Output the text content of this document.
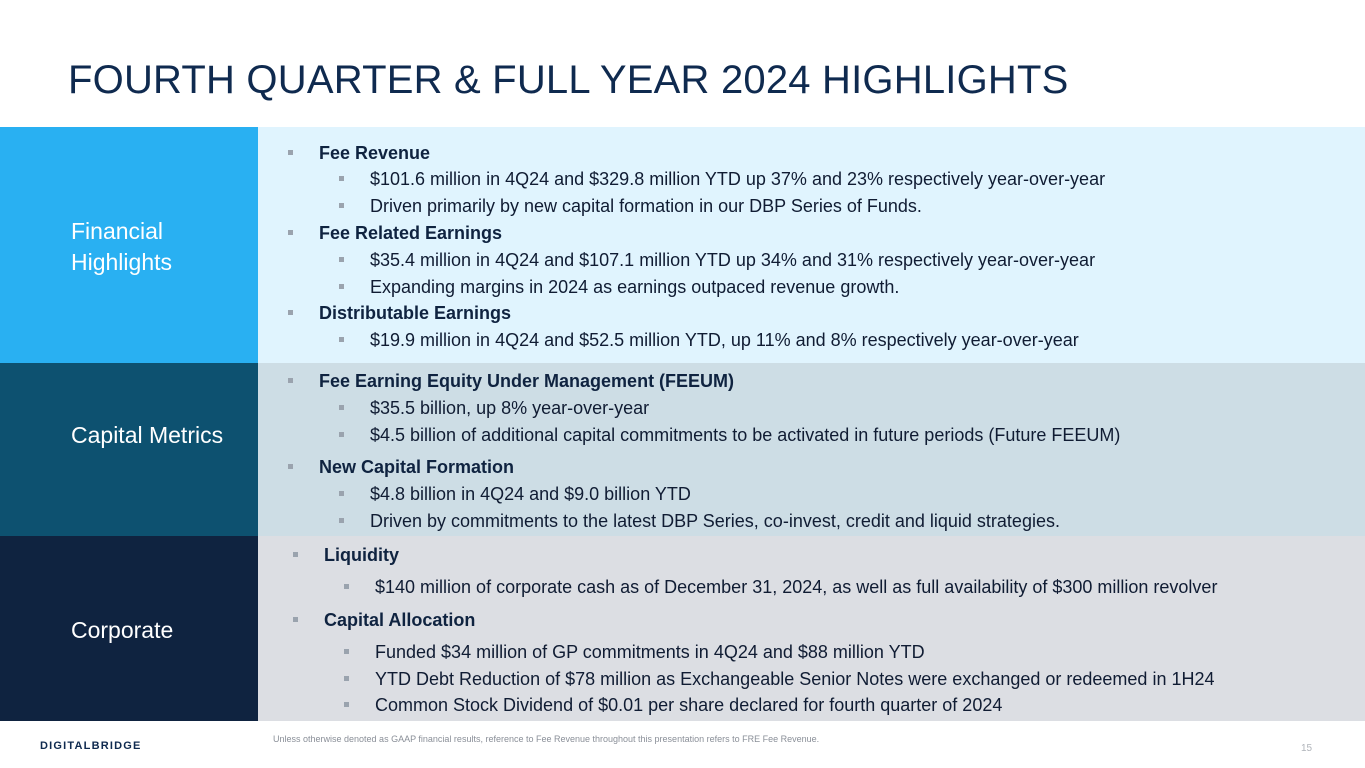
FOURTH QUARTER & FULL YEAR 2024 HIGHLIGHTS
Financial Highlights
Fee Revenue
$101.6 million in 4Q24 and $329.8 million YTD up 37% and 23% respectively year-over-year
Driven primarily by new capital formation in our DBP Series of Funds.
Fee Related Earnings
$35.4 million in 4Q24 and $107.1 million YTD up 34% and 31% respectively year-over-year
Expanding margins in 2024 as earnings outpaced revenue growth.
Distributable Earnings
$19.9 million in 4Q24 and $52.5 million YTD, up 11% and 8% respectively year-over-year
Capital Metrics
Fee Earning Equity Under Management (FEEUM)
$35.5 billion, up 8% year-over-year
$4.5 billion of additional capital commitments to be activated in future periods (Future FEEUM)
New Capital Formation
$4.8 billion in 4Q24 and $9.0 billion YTD
Driven by commitments to the latest DBP Series, co-invest, credit and liquid strategies.
Corporate
Liquidity
$140 million of corporate cash as of December 31, 2024, as well as full availability of $300 million revolver
Capital Allocation
Funded $34 million of GP commitments in 4Q24 and $88 million YTD
YTD Debt Reduction of $78 million as Exchangeable Senior Notes were exchanged or redeemed in 1H24
Common Stock Dividend of $0.01 per share declared for fourth quarter of 2024
DIGITALBRIDGE
Unless otherwise denoted as GAAP financial results, reference to Fee Revenue throughout this presentation refers to FRE Fee Revenue.
15
